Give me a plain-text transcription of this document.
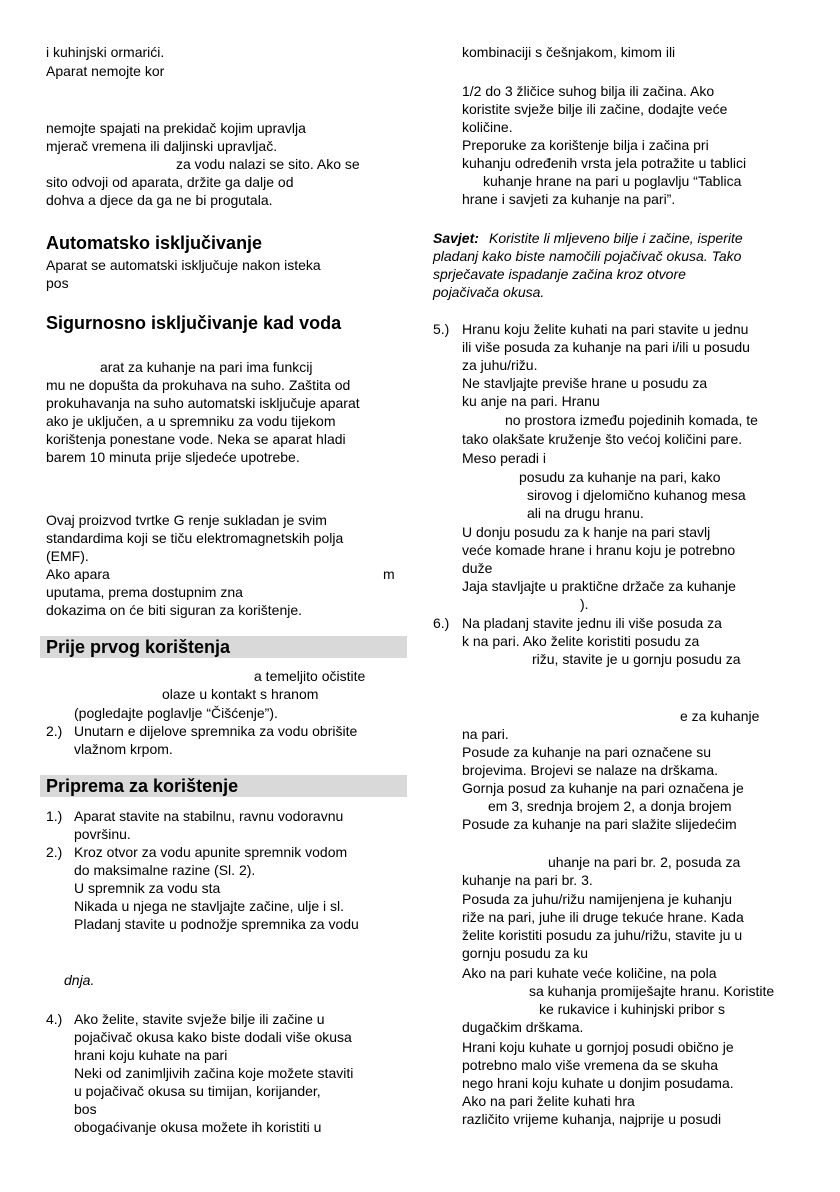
i kuhinjski ormarići.
Aparat nemojte kor
nemojte spajati na prekidač kojim upravlja
mjerač vremena ili daljinski upravljač.
za vodu nalazi se sito. Ako se
sito odvoji od aparata, držite ga dalje od
dohva a djece da ga ne bi progutala.
Automatsko isključivanje
Aparat se automatski isključuje nakon isteka
pos
Sigurnosno isključivanje kad voda
arat za kuhanje na pari ima funkcij
mu ne dopušta da prokuhava na suho. Zaštita od
prokuhavanja na suho automatski isključuje aparat
ako je uključen, a u spremniku za vodu tijekom
korištenja ponestane vode. Neka se aparat hladi
barem 10 minuta prije sljedeće upotrebe.
Ovaj proizvod tvrtke G renje sukladan je svim
standardima koji se tiču elektromagnetskih polja
(EMF).
Ako apara	m
uputama, prema dostupnim zna
dokazima on će biti siguran za korištenje.
Prije prvog korištenja
a temeljito očistite
olaze u kontakt s hranom
(pogledajte poglavlje “Čišćenje”).
2.) Unutarn e dijelove spremnika za vodu obrišite
vlažnom krpom.
Priprema za korištenje
1.) Aparat stavite na stabilnu, ravnu vodoravnu
površinu.
2.) Kroz otvor za vodu apunite spremnik vodom
do maksimalne razine (Sl. 2).
U spremnik za vodu sta
Nikada u njega ne stavljajte začine, ulje i sl.
Pladanj stavite u podnožje spremnika za vodu
dnja.
4.) Ako želite, stavite svježe bilje ili začine u
pojačivač okusa kako biste dodali više okusa
hrani koju kuhate na pari
Neki od zanimljivih začina koje možete staviti
u pojačivač okusa su timijan, korijander,
bos
obogaćivanje okusa možete ih koristiti u
kombinaciji s češnjakom, kimom ili
1/2 do 3 žličice suhog bilja ili začina. Ako
koristite svježe bilje ili začine, dodajte veće
količine.
Preporuke za korištenje bilja i začina pri
kuhanju određenih vrsta jela potražite u tablici
kuhanje hrane na pari u poglavlju “Tablica
hrane i savjeti za kuhanje na pari”.
Savjet: Koristite li mljeveno bilje i začine, isperite
pladanj kako biste namočili pojačivač okusa. Tako
sprječavate ispadanje začina kroz otvore
pojačivača okusa.
5.) Hranu koju želite kuhati na pari stavite u jednu
ili više posuda za kuhanje na pari i/ili u posudu
za juhu/rižu.
Ne stavljajte previše hrane u posudu za
ku anje na pari. Hranu
no prostora između pojedinih komada, te
tako olakšate kruženje što većoj količini pare.
Meso peradi i
posudu za kuhanje na pari, kako
sirovog i djelomično kuhanog mesa
ali na drugu hranu.
U donju posudu za k hanje na pari stavlj
veće komade hrane i hranu koju je potrebno
duže
Jaja stavljajte u praktične držače za kuhanje
).
6.) Na pladanj stavite jednu ili više posuda za
k na pari. Ako želite koristiti posudu za
rižu, stavite je u gornju posudu za
e za kuhanje
na pari.
Posude za kuhanje na pari označene su
brojevima. Brojevi se nalaze na drškama.
Gornja posud za kuhanje na pari označena je
em 3, srednja brojem 2, a donja brojem
Posude za kuhanje na pari slažite slijedećim
uhanje na pari br. 2, posuda za
kuhanje na pari br. 3.
Posuda za juhu/rižu namijenjena je kuhanju
riže na pari, juhe ili druge tekuće hrane. Kada
želite koristiti posudu za juhu/rižu, stavite ju u
gornju posudu za ku
Ako na pari kuhate veće količine, na pola
sa kuhanja promiješajte hranu. Koristite
ke rukavice i kuhinjski pribor s
dugačkim drškama.
Hrani koju kuhate u gornjoj posudi obično je
potrebno malo više vremena da se skuha
nego hrani koju kuhate u donjim posudama.
Ako na pari želite kuhati hra
različito vrijeme kuhanja, najprije u posudi
